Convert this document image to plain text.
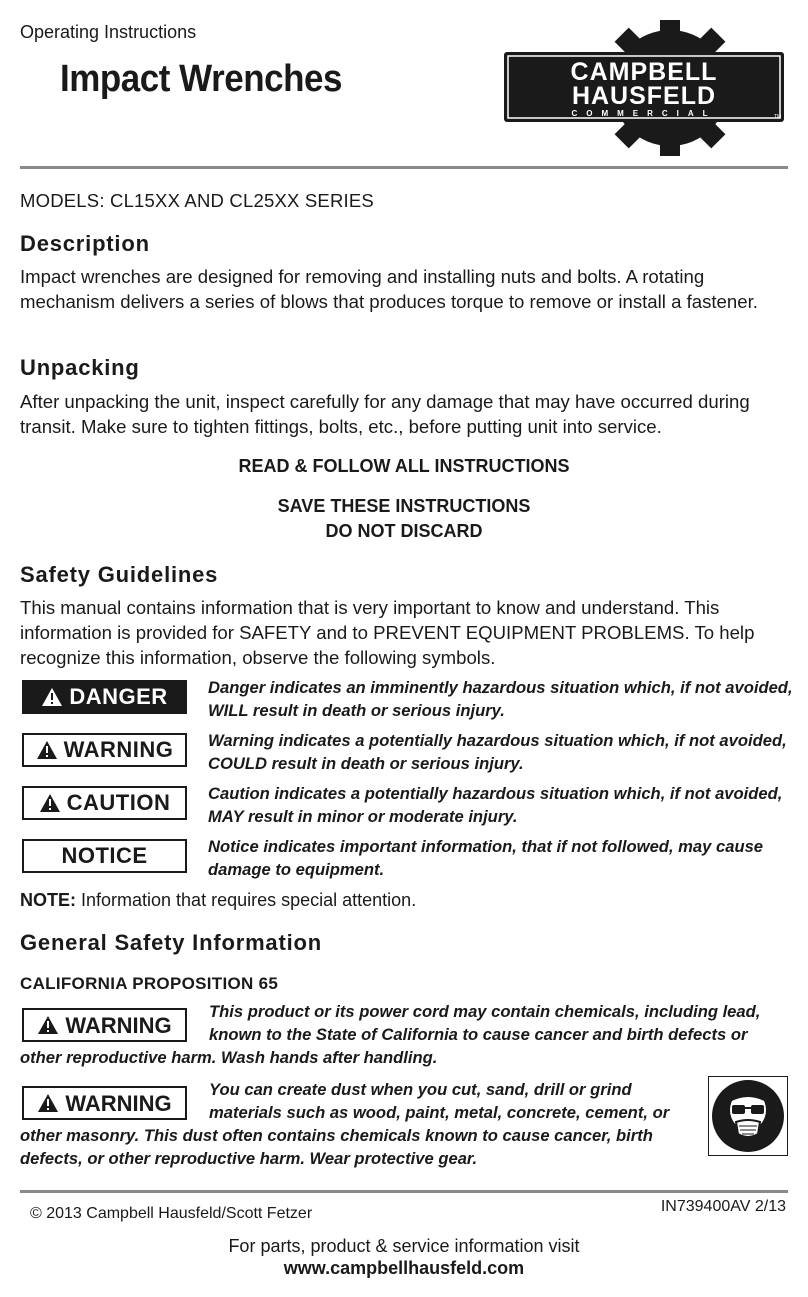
Operating Instructions
Impact Wrenches	CAMPBELL
HAUSFELD
COMMERCIAL	TM
MODELS: CL15XX AND CL25XX SERIES
Description
Impact wrenches are designed for removing and installing nuts and bolts. A rotating mechanism delivers a series of blows that produces torque to remove or install a fastener.
Unpacking
After unpacking the unit, inspect carefully for any damage that may have occurred during transit. Make sure to tighten fittings, bolts, etc., before putting unit into service.
READ & FOLLOW ALL INSTRUCTIONS
SAVE THESE INSTRUCTIONS
DO NOT DISCARD
Safety Guidelines
This manual contains information that is very important to know and understand. This information is provided for SAFETY and to PREVENT EQUIPMENT PROBLEMS. To help recognize this information, observe the following symbols.
DANGER Danger indicates an imminently hazardous situation which, if not avoided, WILL result in death or serious injury.
WARNING Warning indicates a potentially hazardous situation which, if not avoided, COULD result in death or serious injury.
CAUTION Caution indicates a potentially hazardous situation which, if not avoided, MAY result in minor or moderate injury.
NOTICE	Notice indicates important information, that if not followed, may cause damage to equipment.
NOTE: Information that requires special attention.
General Safety Information
CALIFORNIA PROPOSITION 65
WARNING
This product or its power cord may contain chemicals, including lead, known to the State of California to cause cancer and birth defects or other reproductive harm. Wash hands after handling.
WARNING
You can create dust when you cut, sand, drill or grind materials such as wood, paint, metal, concrete, cement, or other masonry. This dust often contains chemicals known to cause cancer, birth defects, or other reproductive harm. Wear protective gear.
© 2013 Campbell Hausfeld/Scott Fetzer	IN739400AV 2/13
For parts, product & service information visit
www.campbellhausfeld.com
